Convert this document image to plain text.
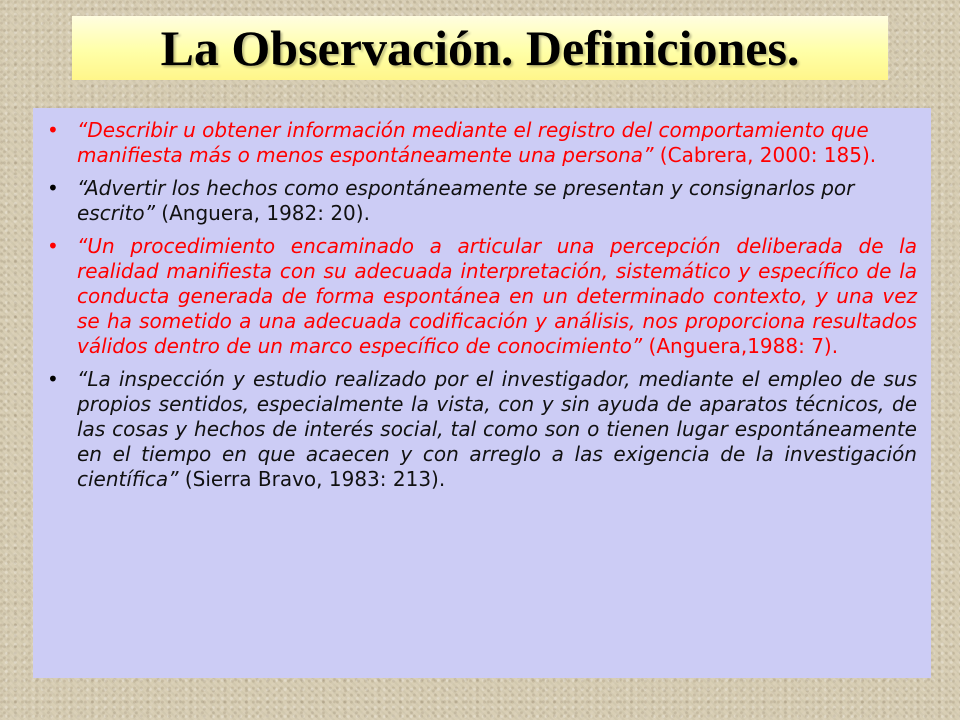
La Observación. Definiciones.
• “Describir u obtener información mediante el registro del comportamiento que manifiesta más o menos espontáneamente una persona” (Cabrera, 2000: 185).
• “Advertir los hechos como espontáneamente se presentan y consignarlos por escrito” (Anguera, 1982: 20).
• “Un procedimiento encaminado a articular una percepción deliberada de la realidad manifiesta con su adecuada interpretación, sistemático y específico de la conducta generada de forma espontánea en un determinado contexto, y una vez se ha sometido a una adecuada codificación y análisis, nos proporciona resultados válidos dentro de un marco específico de conocimiento” (Anguera,1988: 7).
• “La inspección y estudio realizado por el investigador, mediante el empleo de sus propios sentidos, especialmente la vista, con y sin ayuda de aparatos técnicos, de las cosas y hechos de interés social, tal como son o tienen lugar espontáneamente en el tiempo en que acaecen y con arreglo a las exigencia de la investigación científica” (Sierra Bravo, 1983: 213).
